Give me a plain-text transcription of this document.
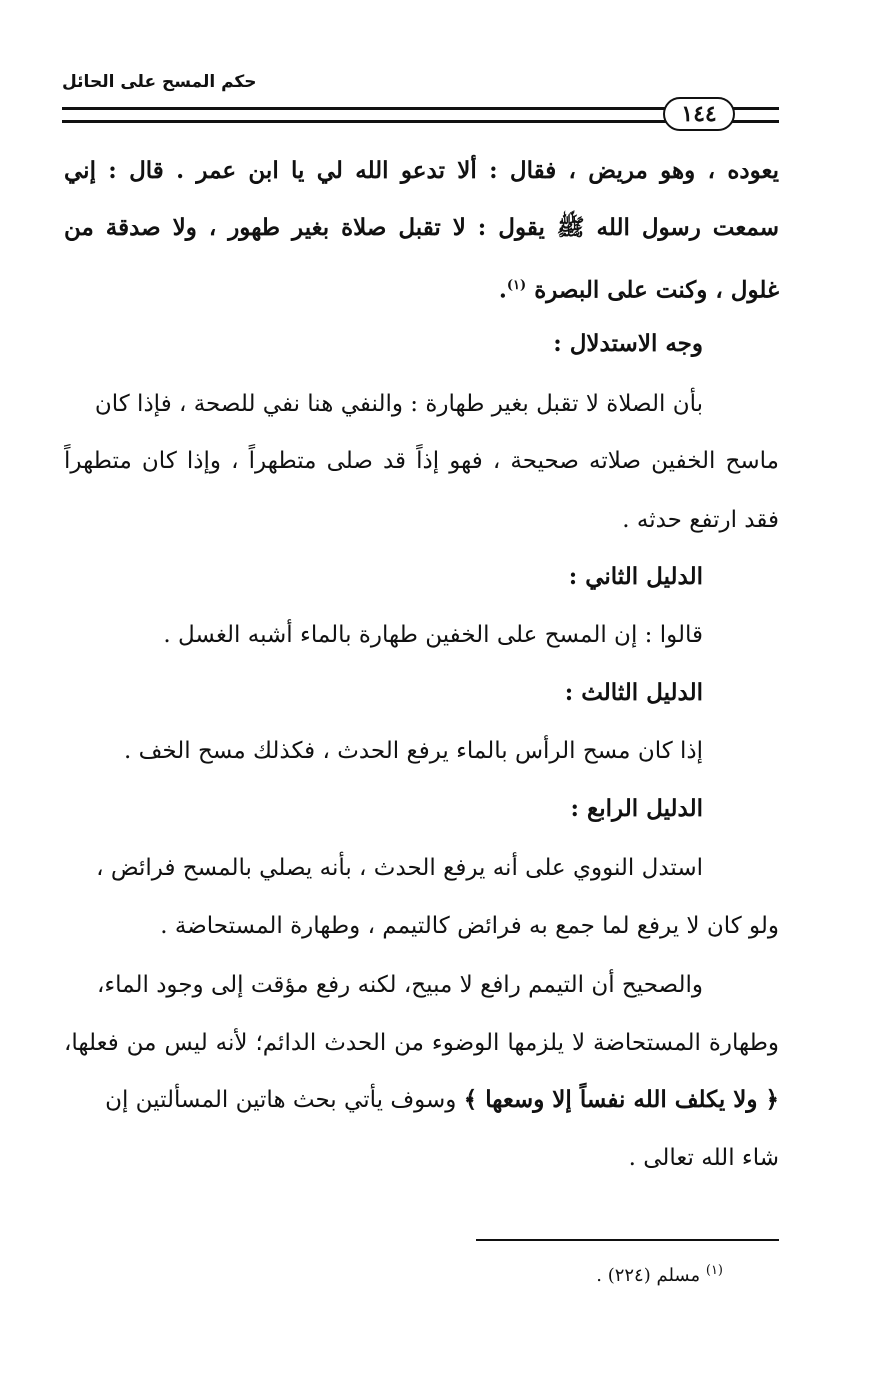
حكم المسح على الحائل
١٤٤
يعوده ، وهو مريض ، فقال : ألا تدعو الله لي يا ابن عمر . قال : إني
سمعت رسول الله ﷺ يقول : لا تقبل صلاة بغير طهور ، ولا صدقة من
غلول ، وكنت على البصرة $^{(١)}$.
وجه الاستدلال :
بأن الصلاة لا تقبل بغير طهارة : والنفي هنا نفي للصحة ، فإذا كان
ماسح الخفين صلاته صحيحة ، فهو إذاً قد صلى متطهراً ، وإذا كان متطهراً
فقد ارتفع حدثه .
الدليل الثاني :
قالوا : إن المسح على الخفين طهارة بالماء أشبه الغسل .
الدليل الثالث :
إذا كان مسح الرأس بالماء يرفع الحدث ، فكذلك مسح الخف .
الدليل الرابع :
استدل النووي على أنه يرفع الحدث ، بأنه يصلي بالمسح فرائض ،
ولو كان لا يرفع لما جمع به فرائض كالتيمم ، وطهارة المستحاضة .
والصحيح أن التيمم رافع لا مبيح، لكنه رفع مؤقت إلى وجود الماء،
وطهارة المستحاضة لا يلزمها الوضوء من الحدث الدائم؛ لأنه ليس من فعلها،
﴿ ولا يكلف الله نفساً إلا وسعها ﴾ وسوف يأتي بحث هاتين المسألتين إن
شاء الله تعالى .
$^{(١)}$ مسلم (٢٢٤) .
